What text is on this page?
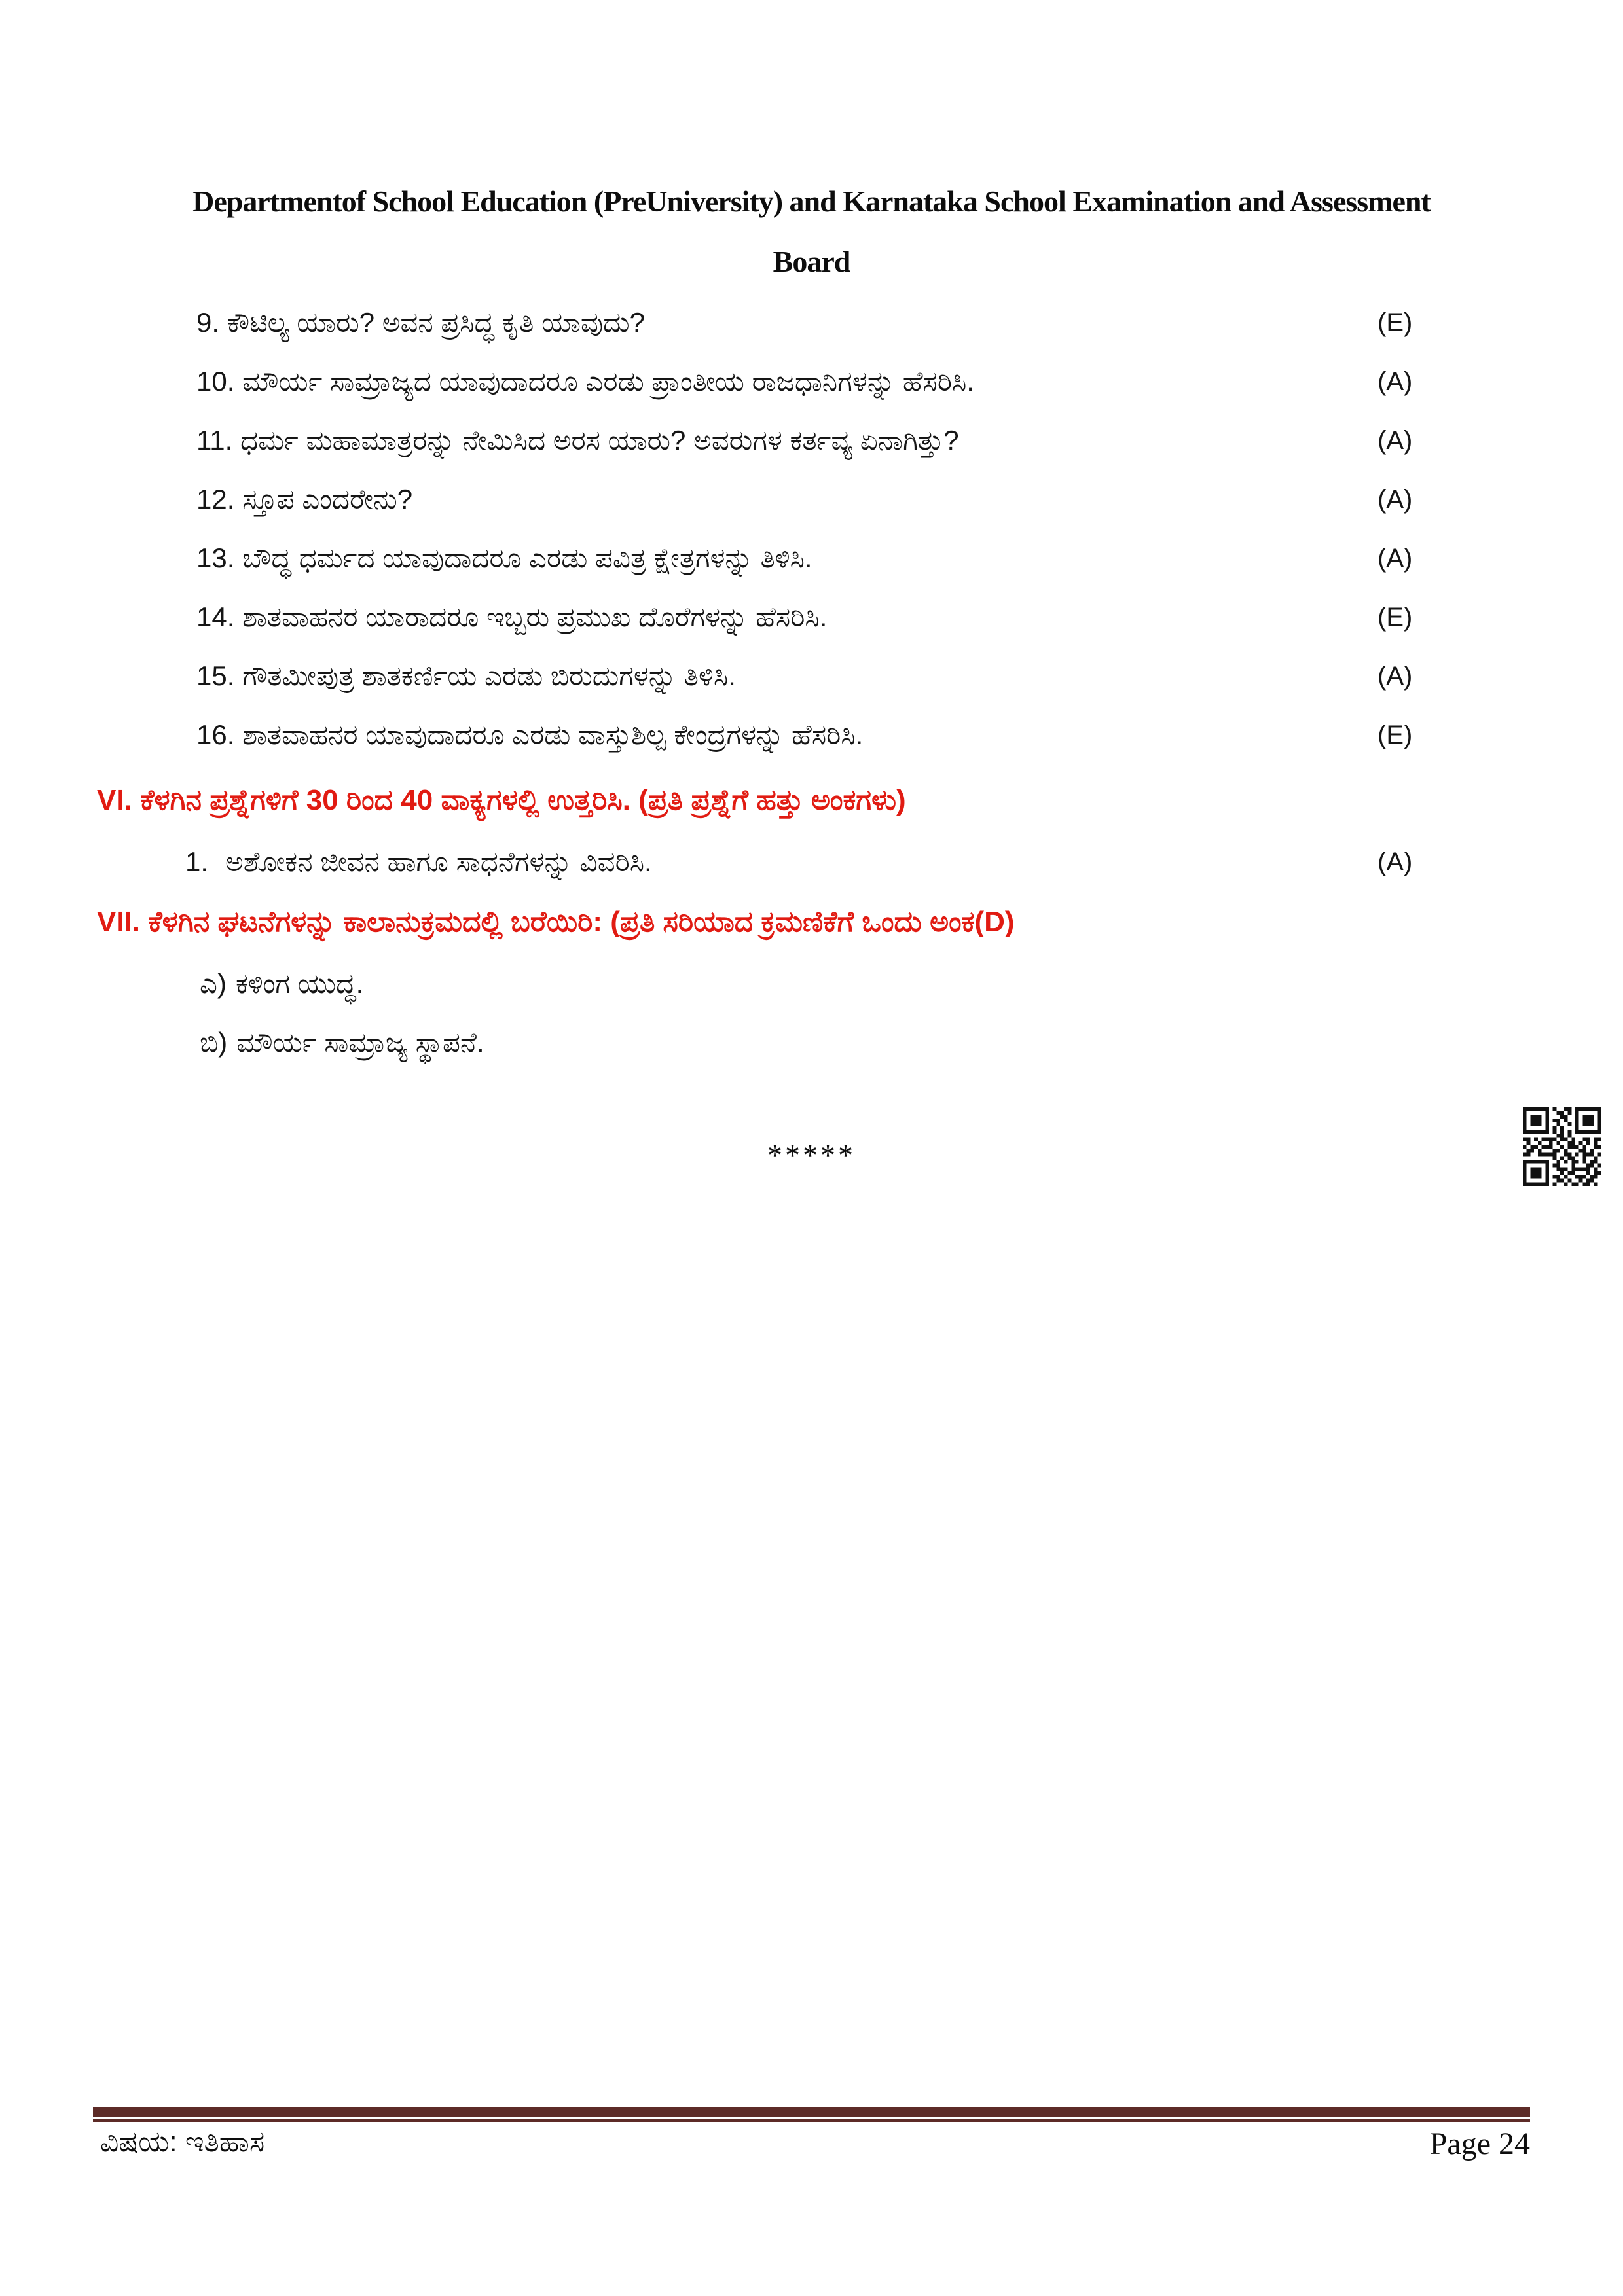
Departmentof School Education (PreUniversity) and Karnataka School Examination and Assessment
Board
9. ಕೌಟಿಲ್ಯ ಯಾರು? ಅವನ ಪ್ರಸಿದ್ಧ ಕೃತಿ ಯಾವುದು?	(E)
10. ಮೌರ್ಯ ಸಾಮ್ರಾಜ್ಯದ ಯಾವುದಾದರೂ ಎರಡು ಪ್ರಾಂತೀಯ ರಾಜಧಾನಿಗಳನ್ನು ಹೆಸರಿಸಿ.	(A)
11. ಧರ್ಮ ಮಹಾಮಾತ್ರರನ್ನು ನೇಮಿಸಿದ ಅರಸ ಯಾರು? ಅವರುಗಳ ಕರ್ತವ್ಯ ಏನಾಗಿತ್ತು?	(A)
12. ಸ್ತೂಪ ಎಂದರೇನು?	(A)
13. ಬೌದ್ಧ ಧರ್ಮದ ಯಾವುದಾದರೂ ಎರಡು ಪವಿತ್ರ ಕ್ಷೇತ್ರಗಳನ್ನು ತಿಳಿಸಿ.	(A)
14. ಶಾತವಾಹನರ ಯಾರಾದರೂ ಇಬ್ಬರು ಪ್ರಮುಖ ದೊರೆಗಳನ್ನು ಹೆಸರಿಸಿ.	(E)
15. ಗೌತಮೀಪುತ್ರ ಶಾತಕರ್ಣಿಯ ಎರಡು ಬಿರುದುಗಳನ್ನು ತಿಳಿಸಿ.	(A)
16. ಶಾತವಾಹನರ ಯಾವುದಾದರೂ ಎರಡು ವಾಸ್ತುಶಿಲ್ಪ ಕೇಂದ್ರಗಳನ್ನು ಹೆಸರಿಸಿ.	(E)
VI. ಕೆಳಗಿನ ಪ್ರಶ್ನೆಗಳಿಗೆ 30 ರಿಂದ 40 ವಾಕ್ಯಗಳಲ್ಲಿ ಉತ್ತರಿಸಿ. (ಪ್ರತಿ ಪ್ರಶ್ನೆಗೆ ಹತ್ತು ಅಂಕಗಳು)
1. ಅಶೋಕನ ಜೀವನ ಹಾಗೂ ಸಾಧನೆಗಳನ್ನು ವಿವರಿಸಿ.	(A)
VII. ಕೆಳಗಿನ ಘಟನೆಗಳನ್ನು ಕಾಲಾನುಕ್ರಮದಲ್ಲಿ ಬರೆಯಿರಿ: (ಪ್ರತಿ ಸರಿಯಾದ ಕ್ರಮಣಿಕೆಗೆ ಒಂದು ಅಂಕ(D)
ಎ) ಕಳಿಂಗ ಯುದ್ಧ.
ಬಿ) ಮೌರ್ಯ ಸಾಮ್ರಾಜ್ಯ ಸ್ಥಾಪನೆ.
*****
ವಿಷಯ: ಇತಿಹಾಸ	Page 24
